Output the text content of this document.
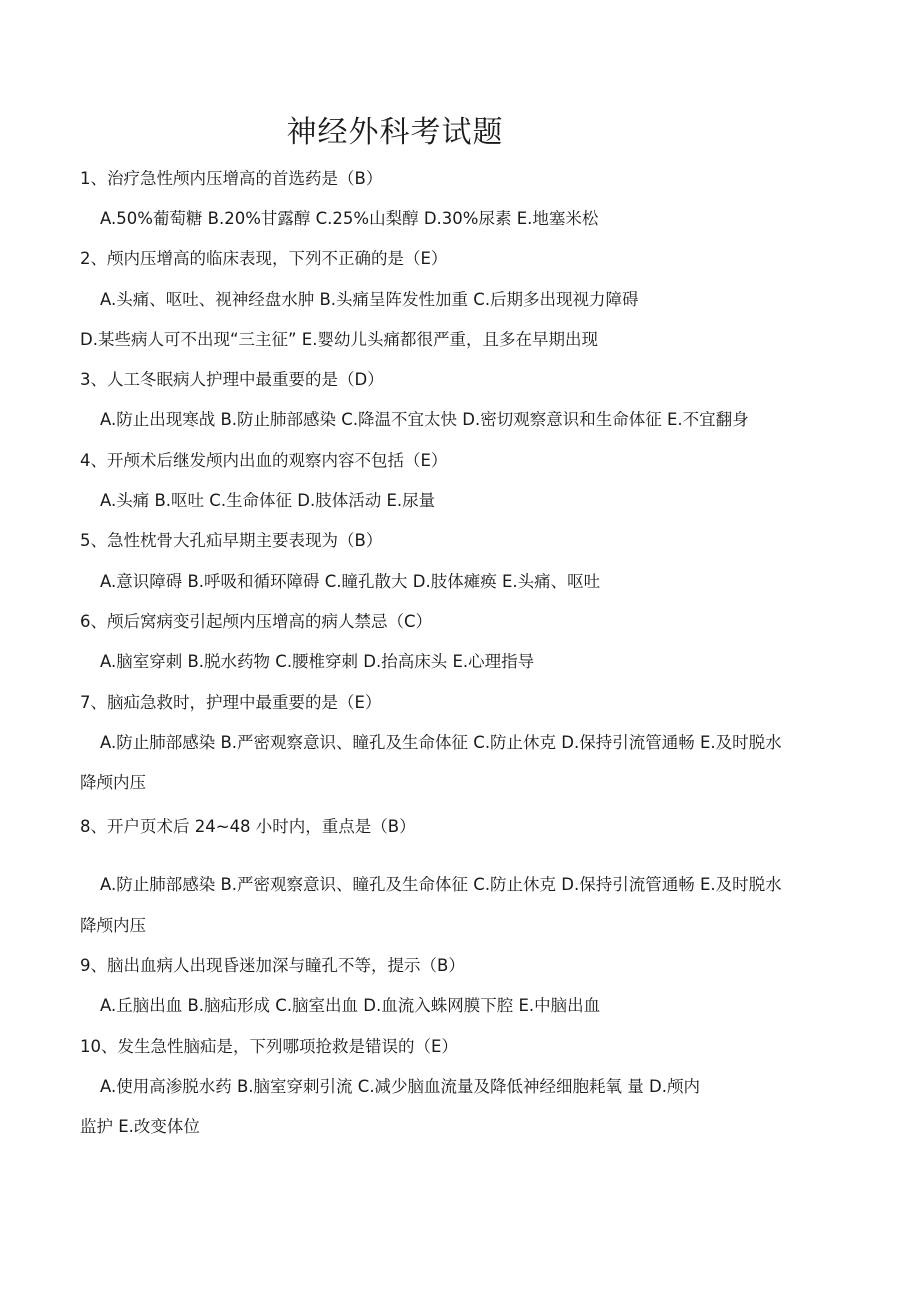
神经外科考试题
1、治疗急性颅内压增高的首选药是（B）
A.50%葡萄糖 B.20%甘露醇 C.25%山梨醇 D.30%尿素 E.地塞米松
2、颅内压增高的临床表现，下列不正确的是（E）
A.头痛、呕吐、视神经盘水肿 B.头痛呈阵发性加重 C.后期多出现视力障碍
D.某些病人可不出现“三主征” E.婴幼儿头痛都很严重，且多在早期出现
3、人工冬眠病人护理中最重要的是（D）
A.防止出现寒战 B.防止肺部感染 C.降温不宜太快 D.密切观察意识和生命体征 E.不宜翻身
4、开颅术后继发颅内出血的观察内容不包括（E）
A.头痛 B.呕吐 C.生命体征 D.肢体活动 E.尿量
5、急性枕骨大孔疝早期主要表现为（B）
A.意识障碍 B.呼吸和循环障碍 C.瞳孔散大 D.肢体瘫痪 E.头痛、呕吐
6、颅后窝病变引起颅内压增高的病人禁忌（C）
A.脑室穿刺 B.脱水药物 C.腰椎穿刺 D.抬高床头 E.心理指导
7、脑疝急救时，护理中最重要的是（E）
A.防止肺部感染 B.严密观察意识、瞳孔及生命体征 C.防止休克 D.保持引流管通畅 E.及时脱水
降颅内压
8、开户页术后 24~48 小时内，重点是（B）
A.防止肺部感染 B.严密观察意识、瞳孔及生命体征 C.防止休克 D.保持引流管通畅 E.及时脱水
降颅内压
9、脑出血病人出现昏迷加深与瞳孔不等，提示（B）
A.丘脑出血 B.脑疝形成 C.脑室出血 D.血流入蛛网膜下腔 E.中脑出血
10、发生急性脑疝是，下列哪项抢救是错误的（E）
A.使用高渗脱水药 B.脑室穿刺引流 C.减少脑血流量及降低神经细胞耗氧 量 D.颅内
监护 E.改变体位
